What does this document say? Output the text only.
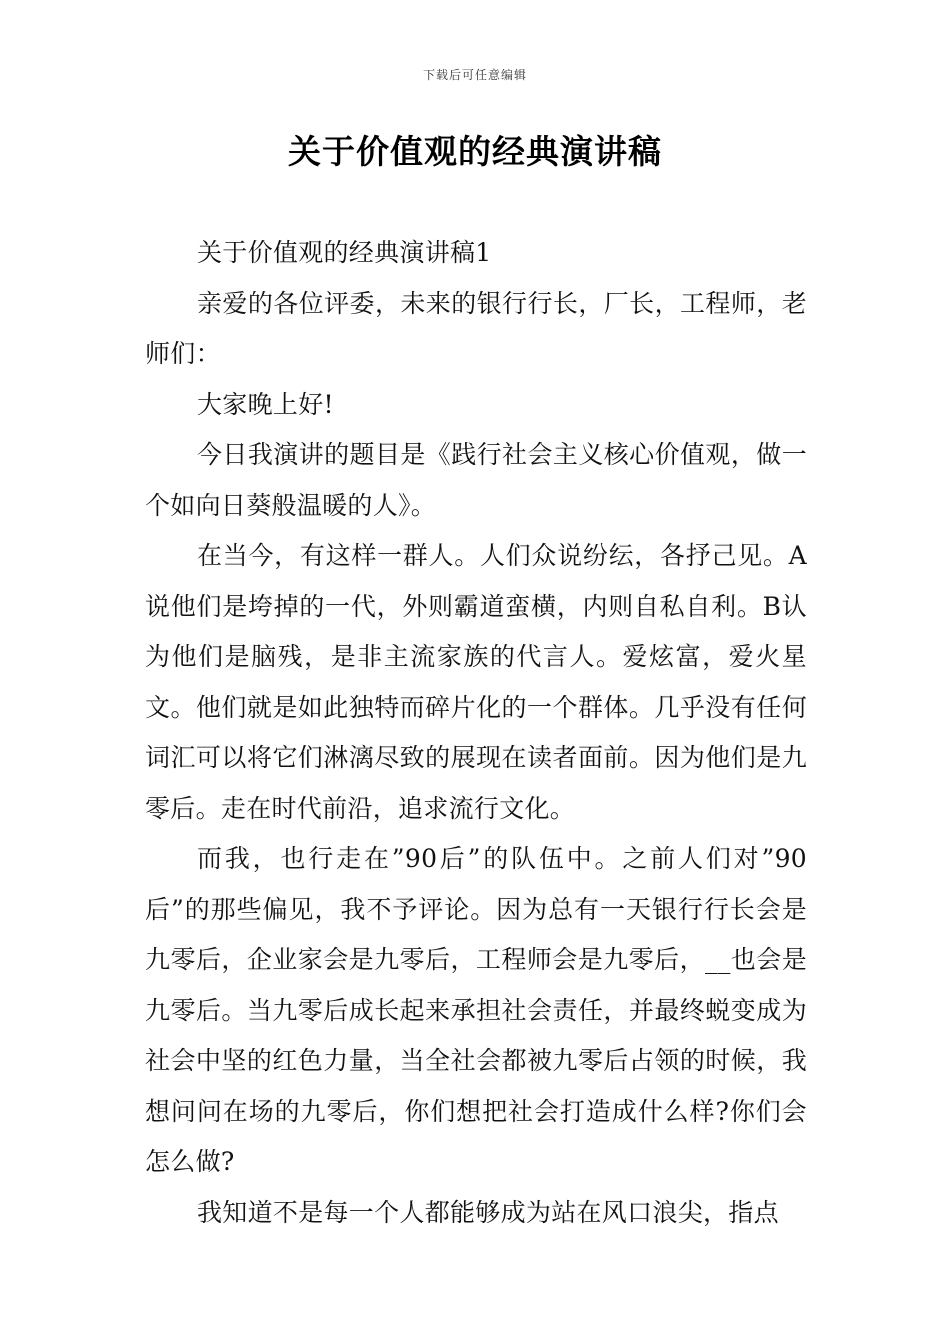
下载后可任意编辑
关于价值观的经典演讲稿

关于价值观的经典演讲稿1

亲爱的各位评委，未来的银行行长，厂长，工程师，老师们：

大家晚上好!

今日我演讲的题目是《践行社会主义核心价值观，做一个如向日葵般温暖的人》。

在当今，有这样一群人。人们众说纷纭，各抒己见。A说他们是垮掉的一代，外则霸道蛮横，内则自私自利。B认为他们是脑残，是非主流家族的代言人。爱炫富，爱火星文。他们就是如此独特而碎片化的一个群体。几乎没有任何词汇可以将它们淋漓尽致的展现在读者面前。因为他们是九零后。走在时代前沿，追求流行文化。

而我，也行走在”90后”的队伍中。之前人们对”90后”的那些偏见，我不予评论。因为总有一天银行行长会是九零后，企业家会是九零后，工程师会是九零后，__也会是九零后。当九零后成长起来承担社会责任，并最终蜕变成为社会中坚的红色力量，当全社会都被九零后占领的时候，我想问问在场的九零后，你们想把社会打造成什么样?你们会怎么做?

我知道不是每一个人都能够成为站在风口浪尖，指点
